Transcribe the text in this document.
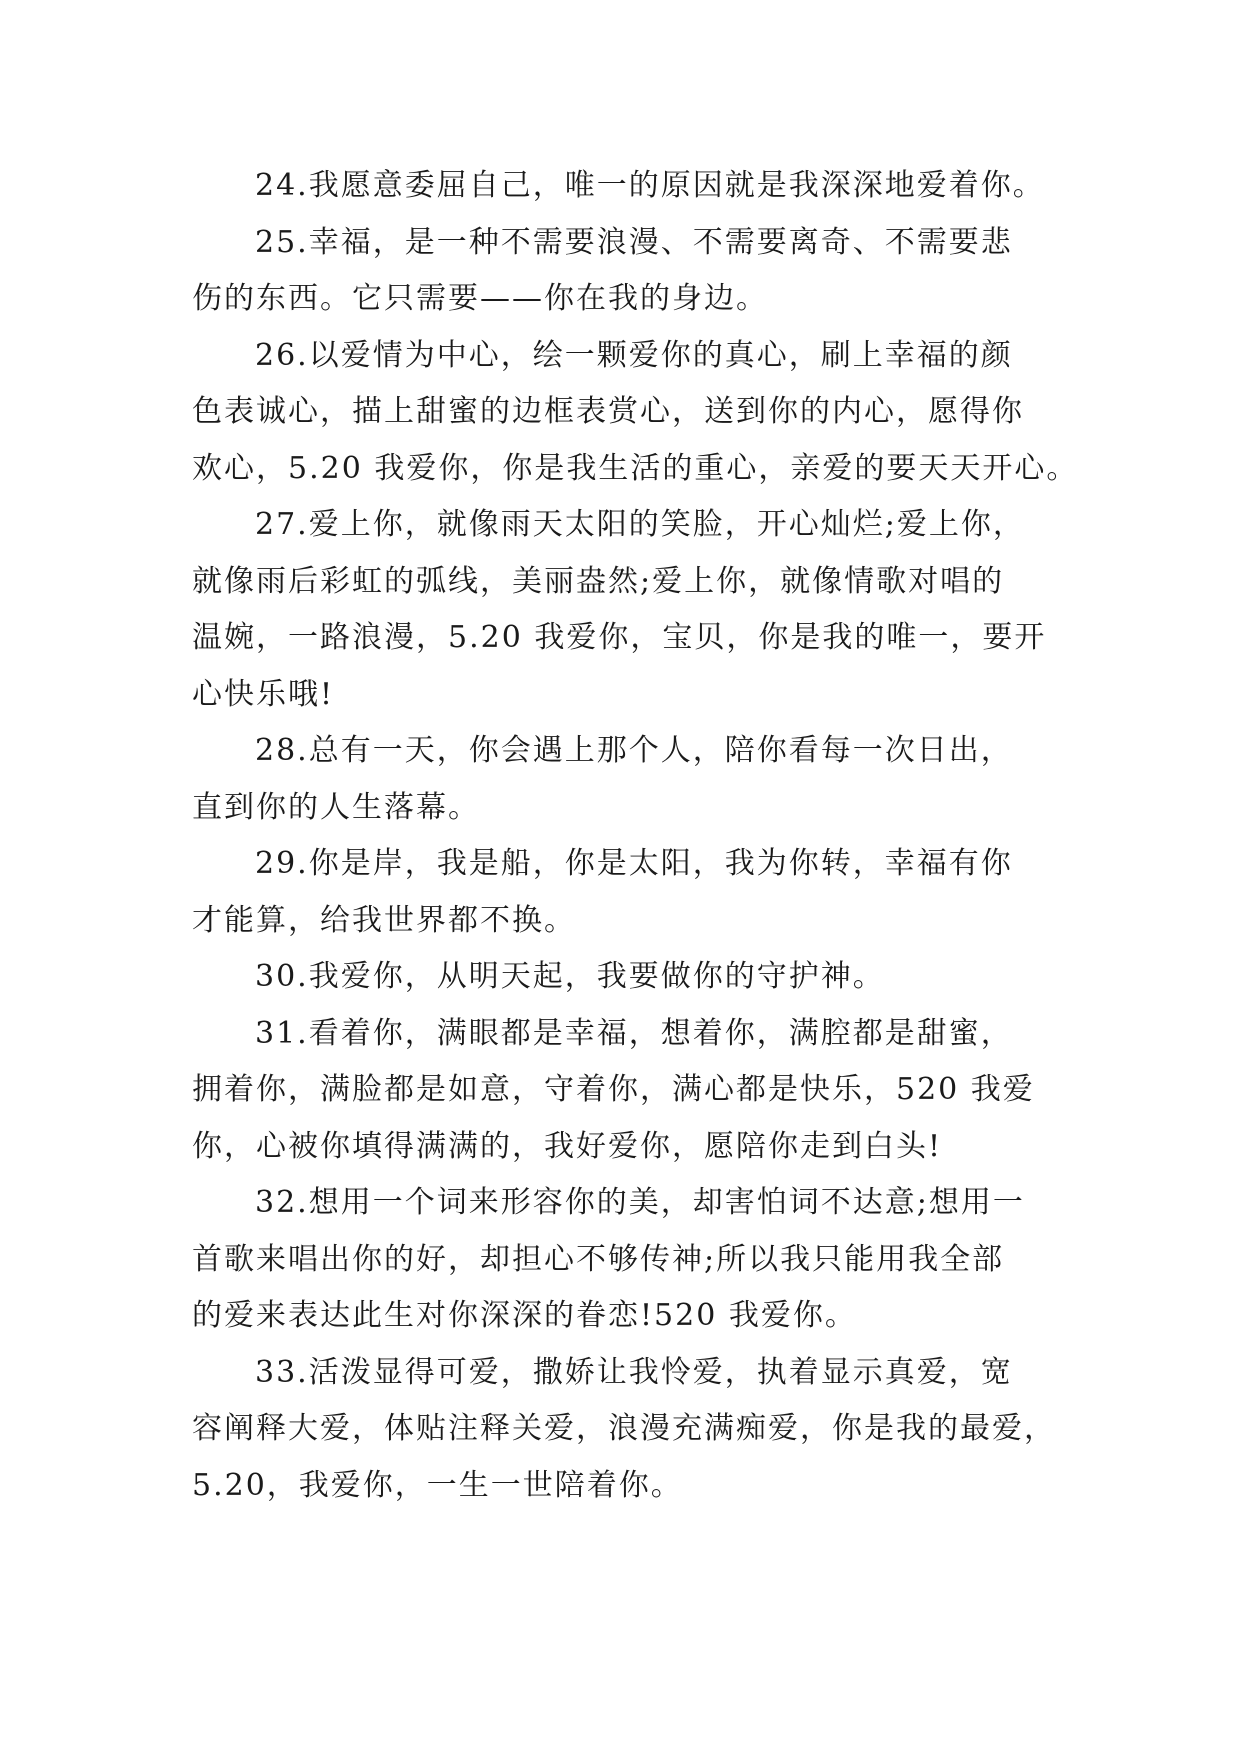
24.我愿意委屈自己，唯一的原因就是我深深地爱着你。

25.幸福，是一种不需要浪漫、不需要离奇、不需要悲
伤的东西。它只需要——你在我的身边。

26.以爱情为中心，绘一颗爱你的真心，刷上幸福的颜
色表诚心，描上甜蜜的边框表赏心，送到你的内心，愿得你
欢心，5.20 我爱你，你是我生活的重心，亲爱的要天天开心。

27.爱上你，就像雨天太阳的笑脸，开心灿烂;爱上你，
就像雨后彩虹的弧线，美丽盎然;爱上你，就像情歌对唱的
温婉，一路浪漫，5.20 我爱你，宝贝，你是我的唯一，要开
心快乐哦!

28.总有一天，你会遇上那个人，陪你看每一次日出，
直到你的人生落幕。

29.你是岸，我是船，你是太阳，我为你转，幸福有你
才能算，给我世界都不换。

30.我爱你，从明天起，我要做你的守护神。

31.看着你，满眼都是幸福，想着你，满腔都是甜蜜，
拥着你，满脸都是如意，守着你，满心都是快乐，520 我爱
你，心被你填得满满的，我好爱你，愿陪你走到白头!

32.想用一个词来形容你的美，却害怕词不达意;想用一
首歌来唱出你的好，却担心不够传神;所以我只能用我全部
的爱来表达此生对你深深的眷恋!520 我爱你。

33.活泼显得可爱，撒娇让我怜爱，执着显示真爱，宽
容阐释大爱，体贴注释关爱，浪漫充满痴爱，你是我的最爱，
5.20，我爱你，一生一世陪着你。
